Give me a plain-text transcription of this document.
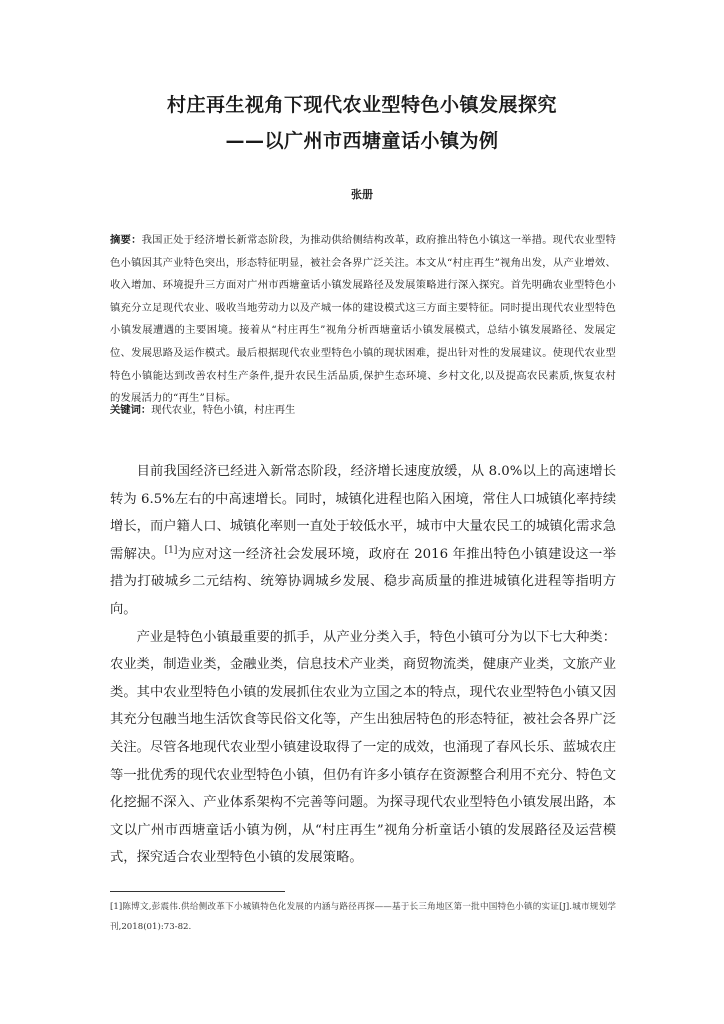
村庄再生视角下现代农业型特色小镇发展探究
——以广州市西塘童话小镇为例
张册
摘要：我国正处于经济增长新常态阶段，为推动供给侧结构改革，政府推出特色小镇这一举措。现代农业型特色小镇因其产业特色突出，形态特征明显，被社会各界广泛关注。本文从“村庄再生”视角出发，从产业增效、收入增加、环境提升三方面对广州市西塘童话小镇发展路径及发展策略进行深入探究。首先明确农业型特色小镇充分立足现代农业、吸收当地劳动力以及产城一体的建设模式这三方面主要特征。同时提出现代农业型特色小镇发展遭遇的主要困境。接着从“村庄再生”视角分析西塘童话小镇发展模式，总结小镇发展路径、发展定位、发展思路及运作模式。最后根据现代农业型特色小镇的现状困难，提出针对性的发展建议。使现代农业型特色小镇能达到改善农村生产条件,提升农民生活品质,保护生态环境、乡村文化,以及提高农民素质,恢复农村的发展活力的“再生”目标。
关键词：现代农业，特色小镇，村庄再生

目前我国经济已经进入新常态阶段，经济增长速度放缓，从 8.0%以上的高速增长转为 6.5%左右的中高速增长。同时，城镇化进程也陷入困境，常住人口城镇化率持续增长，而户籍人口、城镇化率则一直处于较低水平，城市中大量农民工的城镇化需求急需解决。[1]为应对这一经济社会发展环境，政府在 2016 年推出特色小镇建设这一举措为打破城乡二元结构、统筹协调城乡发展、稳步高质量的推进城镇化进程等指明方向。

产业是特色小镇最重要的抓手，从产业分类入手，特色小镇可分为以下七大种类：农业类，制造业类，金融业类，信息技术产业类，商贸物流类，健康产业类，文旅产业类。其中农业型特色小镇的发展抓住农业为立国之本的特点，现代农业型特色小镇又因其充分包融当地生活饮食等民俗文化等，产生出独居特色的形态特征，被社会各界广泛关注。尽管各地现代农业型小镇建设取得了一定的成效，也涌现了春风长乐、蓝城农庄等一批优秀的现代农业型特色小镇，但仍有许多小镇存在资源整合利用不充分、特色文化挖掘不深入、产业体系架构不完善等问题。为探寻现代农业型特色小镇发展出路，本文以广州市西塘童话小镇为例，从“村庄再生”视角分析童话小镇的发展路径及运营模式，探究适合农业型特色小镇的发展策略。

[1]陈博文,彭震伟.供给侧改革下小城镇特色化发展的内涵与路径再探——基于长三角地区第一批中国特色小镇的实证[J].城市规划学刊,2018(01):73-82.
